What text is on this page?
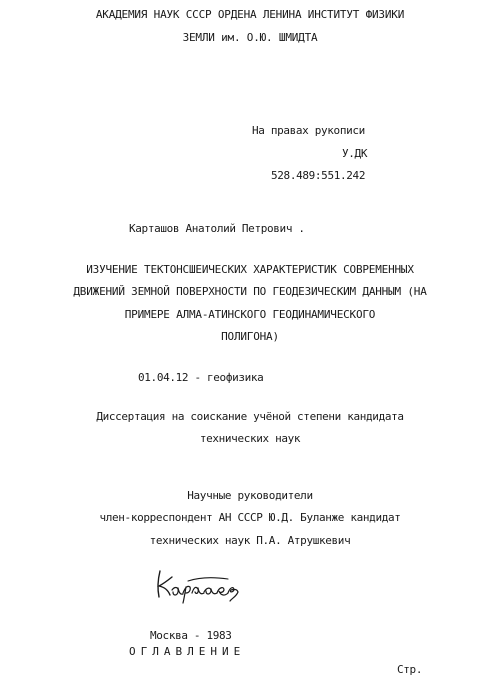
АКАДЕМИЯ НАУК СССР ОРДЕНА ЛЕНИНА ИНСТИТУТ ФИЗИКИ
ЗЕМЛИ им. О.Ю. ШМИДТА
На правах рукописи
У.ДК
528.489:551.242
Карташов Анатолий Петрович .
ИЗУЧЕНИЕ ТЕКТОНСШЕИЧЕСКИХ ХАРАКТЕРИСТИК СОВРЕМЕННЫХ
ДВИЖЕНИЙ ЗЕМНОЙ ПОВЕРХНОСТИ ПО ГЕОДЕЗИЧЕСКИМ ДАННЫМ (НА
ПРИМЕРЕ АЛМА-АТИНСКОГО ГЕОДИНАМИЧЕСКОГО
ПОЛИГОНА)
01.04.12 - геофизика
Диссертация на соискание учёной степени кандидата
технических наук
Научные руководители
член-корреспондент АН СССР Ю.Д. Буланже кандидат
технических наук П.А. Атрушкевич
Москва - 1983
ОГЛАВЛЕНИЕ
Стр.
